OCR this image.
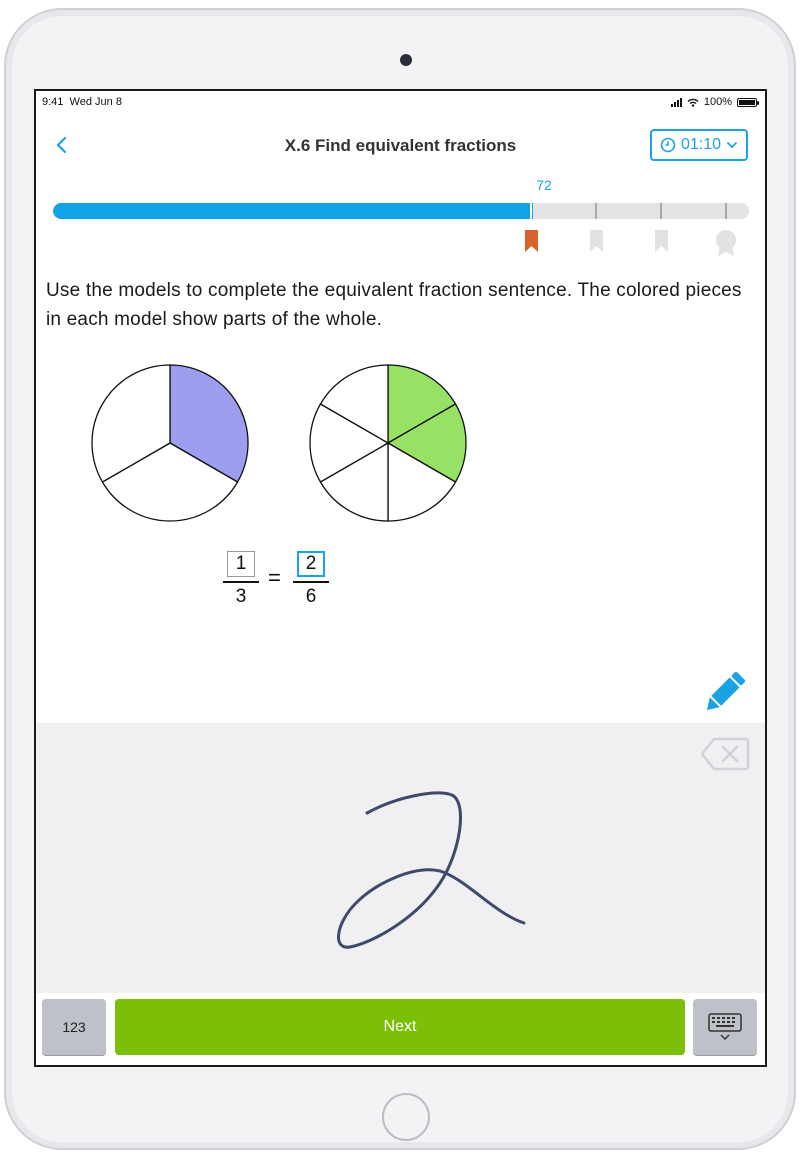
9:41 Wed Jun 8	100%
X.6 Find equivalent fractions	01:10
72
Use the models to complete the equivalent fraction sentence. The colored pieces in each model show parts of the whole.
$\frac{1}{3} = \frac{2}{6}$
123	Next
